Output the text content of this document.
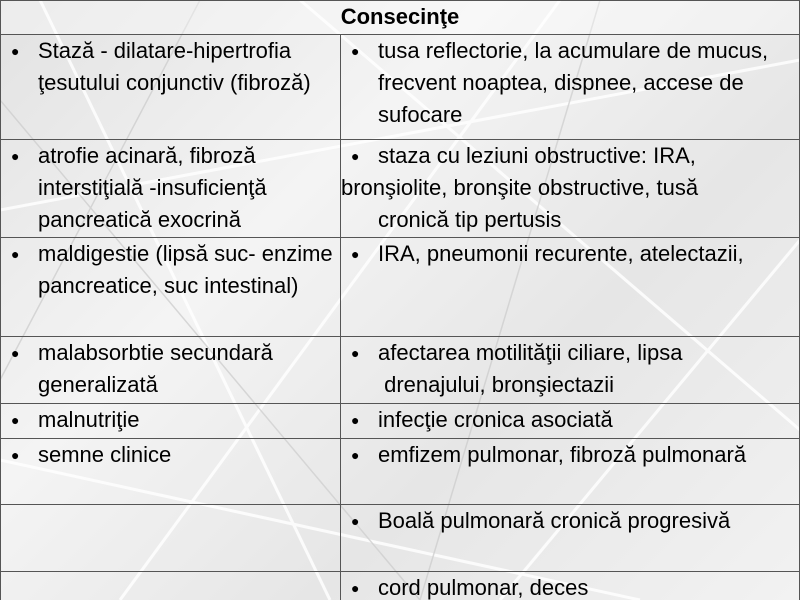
Consecinţe	

● Stază - dilatare-hipertrofia ţesutului conjunctiv (fibroză)	● tusa reflectorie, la acumulare de mucus, frecvent noaptea, dispnee, accese de sufocare

● atrofie acinară, fibroză interstiţială -insuficienţă pancreatică exocrină	● staza cu leziuni obstructive: IRA,
bronşiolite, bronşite obstructive, tusă
cronică tip pertusis

● maldigestie (lipsă suc- enzime pancreatice, suc intestinal)	● IRA, pneumonii recurente, atelectazii,

● malabsorbtie secundară generalizată	● afectarea motilităţii ciliare, lipsa
drenajului, bronşiectazii

● malnutriţie	● infecţie cronica asociată

● semne clinice	● emfizem pulmonar, fibroză pulmonară

	● Boală pulmonară cronică progresivă

	● cord pulmonar, deces
